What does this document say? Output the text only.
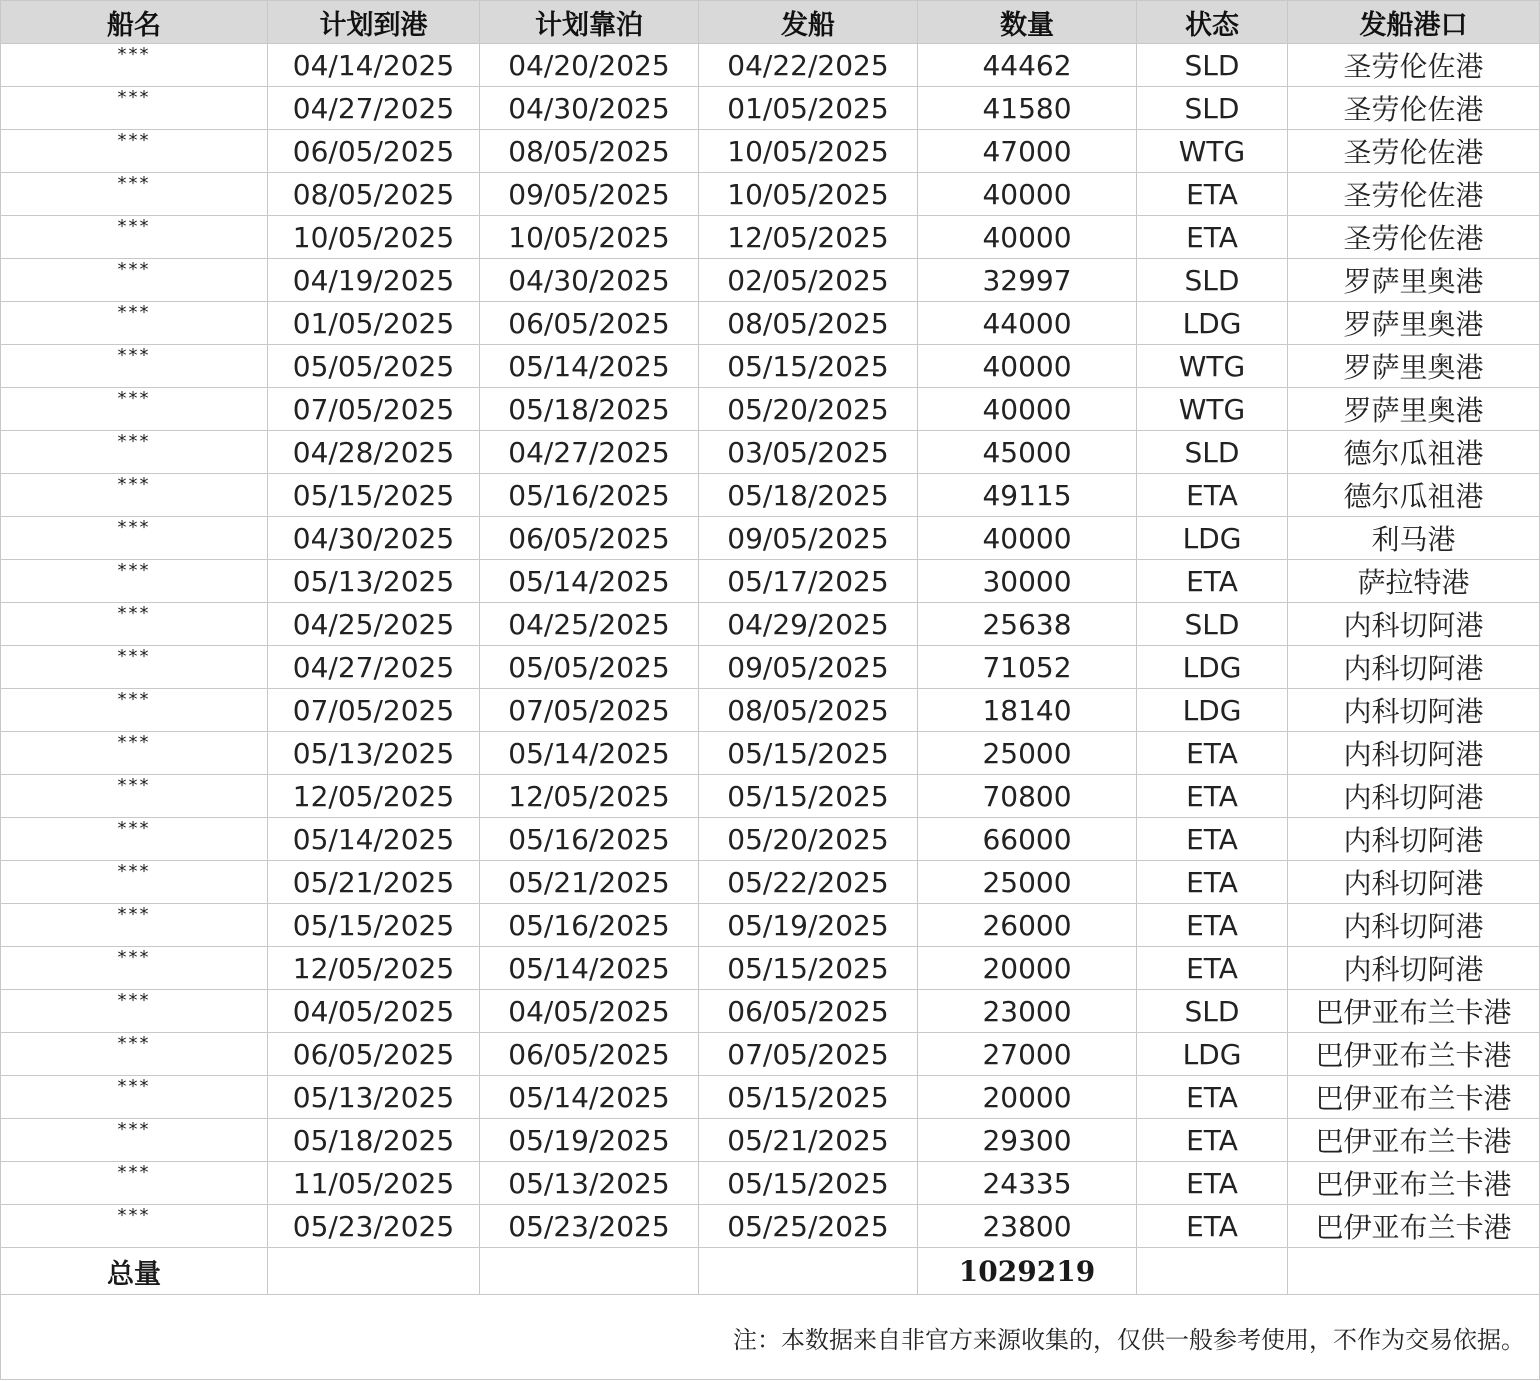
船名	计划到港	计划靠泊	发船	数量	状态	发船港口
***	04/14/2025	04/20/2025	04/22/2025	44462	SLD	圣劳伦佐港
***	04/27/2025	04/30/2025	01/05/2025	41580	SLD	圣劳伦佐港
***	06/05/2025	08/05/2025	10/05/2025	47000	WTG	圣劳伦佐港
***	08/05/2025	09/05/2025	10/05/2025	40000	ETA	圣劳伦佐港
***	10/05/2025	10/05/2025	12/05/2025	40000	ETA	圣劳伦佐港
***	04/19/2025	04/30/2025	02/05/2025	32997	SLD	罗萨里奥港
***	01/05/2025	06/05/2025	08/05/2025	44000	LDG	罗萨里奥港
***	05/05/2025	05/14/2025	05/15/2025	40000	WTG	罗萨里奥港
***	07/05/2025	05/18/2025	05/20/2025	40000	WTG	罗萨里奥港
***	04/28/2025	04/27/2025	03/05/2025	45000	SLD	德尔瓜祖港
***	05/15/2025	05/16/2025	05/18/2025	49115	ETA	德尔瓜祖港
***	04/30/2025	06/05/2025	09/05/2025	40000	LDG	利马港
***	05/13/2025	05/14/2025	05/17/2025	30000	ETA	萨拉特港
***	04/25/2025	04/25/2025	04/29/2025	25638	SLD	内科切阿港
***	04/27/2025	05/05/2025	09/05/2025	71052	LDG	内科切阿港
***	07/05/2025	07/05/2025	08/05/2025	18140	LDG	内科切阿港
***	05/13/2025	05/14/2025	05/15/2025	25000	ETA	内科切阿港
***	12/05/2025	12/05/2025	05/15/2025	70800	ETA	内科切阿港
***	05/14/2025	05/16/2025	05/20/2025	66000	ETA	内科切阿港
***	05/21/2025	05/21/2025	05/22/2025	25000	ETA	内科切阿港
***	05/15/2025	05/16/2025	05/19/2025	26000	ETA	内科切阿港
***	12/05/2025	05/14/2025	05/15/2025	20000	ETA	内科切阿港
***	04/05/2025	04/05/2025	06/05/2025	23000	SLD	巴伊亚布兰卡港
***	06/05/2025	06/05/2025	07/05/2025	27000	LDG	巴伊亚布兰卡港
***	05/13/2025	05/14/2025	05/15/2025	20000	ETA	巴伊亚布兰卡港
***	05/18/2025	05/19/2025	05/21/2025	29300	ETA	巴伊亚布兰卡港
***	11/05/2025	05/13/2025	05/15/2025	24335	ETA	巴伊亚布兰卡港
***	05/23/2025	05/23/2025	05/25/2025	23800	ETA	巴伊亚布兰卡港
总量				1029219		
注：本数据来自非官方来源收集的，仅供一般参考使用，不作为交易依据。						
